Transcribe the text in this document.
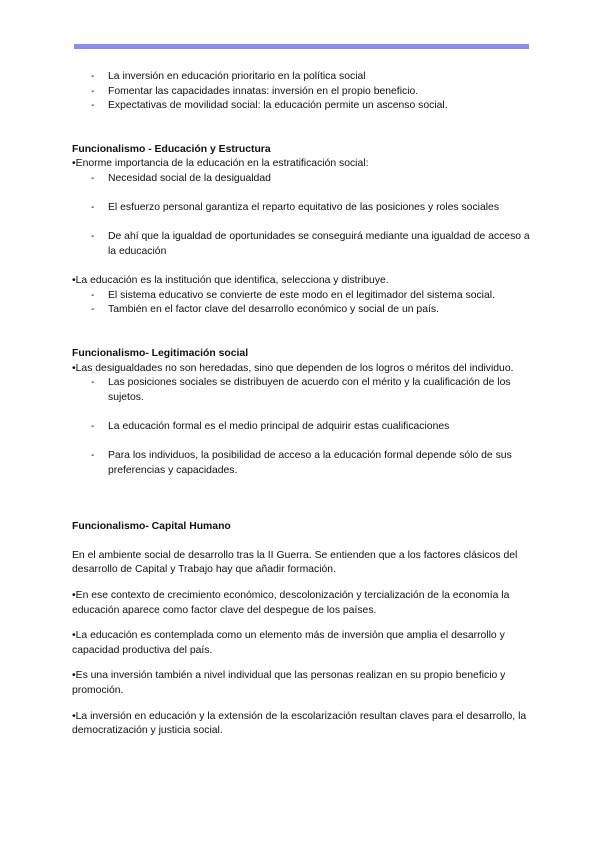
- La inversión en educación prioritario en la política social
- Fomentar las capacidades innatas: inversión en el propio beneficio.
- Expectativas de movilidad social: la educación permite un ascenso social.
Funcionalismo - Educación y Estructura
•Enorme importancia de la educación en la estratificación social:
- Necesidad social de la desigualdad
- El esfuerzo personal garantiza el reparto equitativo de las posiciones y roles sociales
- De ahí que la igualdad de oportunidades se conseguirá mediante una igualdad de acceso a la educación
•La educación es la institución que identifica, selecciona y distribuye.
- El sistema educativo se convierte de este modo en el legitimador del sistema social.
- También en el factor clave del desarrollo económico y social de un país.
Funcionalismo- Legitimación social
•Las desigualdades no son heredadas, sino que dependen de los logros o méritos del individuo.
- Las posiciones sociales se distribuyen de acuerdo con el mérito y la cualificación de los sujetos.
- La educación formal es el medio principal de adquirir estas cualificaciones
- Para los individuos, la posibilidad de acceso a la educación formal depende sólo de sus preferencias y capacidades.
Funcionalismo- Capital Humano

En el ambiente social de desarrollo tras la II Guerra. Se entienden que a los factores clásicos del desarrollo de Capital y Trabajo hay que añadir formación.

•En ese contexto de crecimiento económico, descolonización y tercialización de la economía la educación aparece como factor clave del despegue de los países.

•La educación es contemplada como un elemento más de inversión que amplia el desarrollo y capacidad productiva del país.

•Es una inversión también a nivel individual que las personas realizan en su propio beneficio y promoción.

•La inversión en educación y la extensión de la escolarización resultan claves para el desarrollo, la democratización y justicia social.
